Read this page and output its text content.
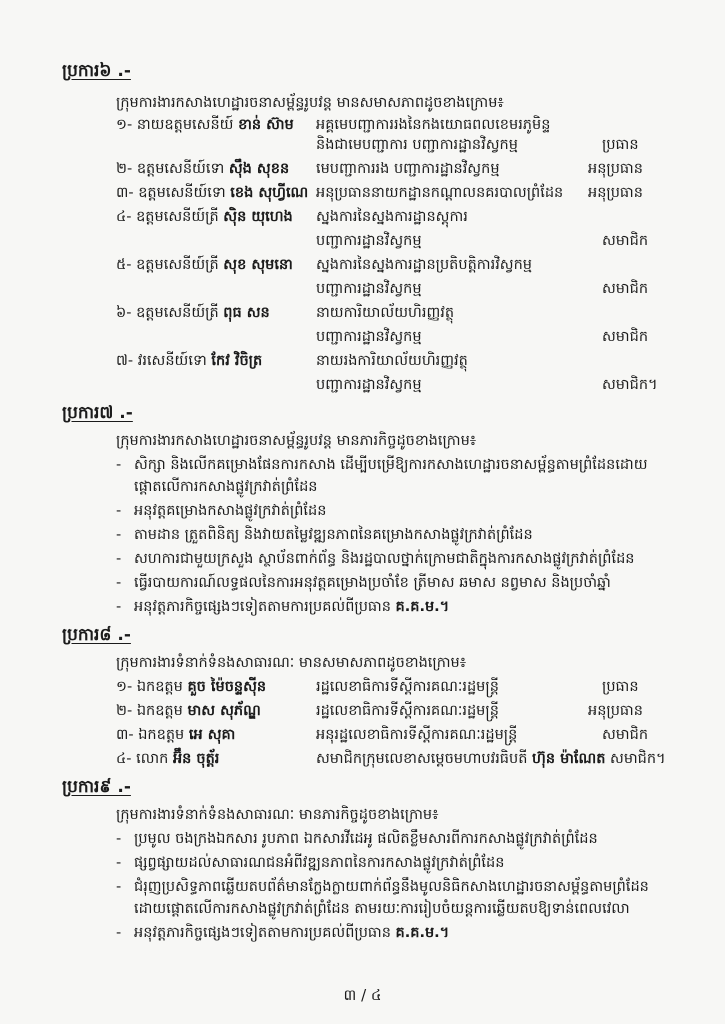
ប្រការ៦ .-
ក្រុមការងារកសាងហេដ្ឋារចនាសម្ព័ន្ធរូបវន្ត មានសមាសភាពដូចខាងក្រោម៖
១- នាយឧត្តមសេនីយ៍ ខាន់ ស៊ាម អគ្គមេបញ្ជាការរងនៃកងយោធពលខេមរភូមិន្ទ
និងជាមេបញ្ជាការ បញ្ជាការដ្ឋានវិស្វកម្ម	ប្រធាន
២- ឧត្តមសេនីយ៍ទោ ស៊ឹង សុខន មេបញ្ជាការរង បញ្ជាការដ្ឋានវិស្វកម្ម	អនុប្រធាន
៣- ឧត្តមសេនីយ៍ទោ ខេង សុហ្វីណេ អនុប្រធាននាយកដ្ឋានកណ្តាលនគរបាលព្រំដែន អនុប្រធាន
៤- ឧត្តមសេនីយ៍ត្រី ស៊ិន យុហេង ស្នងការនៃស្នងការដ្ឋានស្តុការ
បញ្ជាការដ្ឋានវិស្វកម្ម	សមាជិក
៥- ឧត្តមសេនីយ៍ត្រី សុខ សុមនោ ស្នងការនៃស្នងការដ្ឋានប្រតិបត្តិការវិស្វកម្ម
បញ្ជាការដ្ឋានវិស្វកម្ម	សមាជិក
៦- ឧត្តមសេនីយ៍ត្រី ពុធ សន	នាយការិយាល័យហិរញ្ញវត្ថុ
បញ្ជាការដ្ឋានវិស្វកម្ម	សមាជិក
៧- វរសេនីយ៍ទោ កែវ វិចិត្រ	នាយរងការិយាល័យហិរញ្ញវត្ថុ
បញ្ជាការដ្ឋានវិស្វកម្ម	សមាជិក។
ប្រការ៧ .-
ក្រុមការងារកសាងហេដ្ឋារចនាសម្ព័ន្ធរូបវន្ត មានភារកិច្ចដូចខាងក្រោម៖
- សិក្សា និងលើកគម្រោងផែនការកសាង ដើម្បីបម្រើឱ្យការកសាងហេដ្ឋារចនាសម្ព័ន្ធតាមព្រំដែនដោយ
ផ្តោតលើការកសាងផ្លូវក្រវាត់ព្រំដែន
- អនុវត្តគម្រោងកសាងផ្លូវក្រវាត់ព្រំដែន
- តាមដាន ត្រួតពិនិត្យ និងវាយតម្លៃវឌ្ឍនភាពនៃគម្រោងកសាងផ្លូវក្រវាត់ព្រំដែន
- សហការជាមួយក្រសួង ស្ថាប័នពាក់ព័ន្ធ និងរដ្ឋបាលថ្នាក់ក្រោមជាតិក្នុងការកសាងផ្លូវក្រវាត់ព្រំដែន
- ធ្វើរបាយការណ៍លទ្ធផលនៃការអនុវត្តគម្រោងប្រចាំខែ ត្រីមាស ឆមាស នព្វមាស និងប្រចាំឆ្នាំ
- អនុវត្តភារកិច្ចផ្សេងៗទៀតតាមការប្រគល់ពីប្រធាន គ.គ.ម.។
ប្រការ៨ .-
ក្រុមការងារទំនាក់ទំនងសាធារណៈ មានសមាសភាពដូចខាងក្រោម៖
១- ឯកឧត្តម គួច ម៉ៃចន្ទស៊ីន	រដ្ឋលេខាធិការទីស្តីការគណៈរដ្ឋមន្ត្រី	ប្រធាន
២- ឯកឧត្តម មាស សុភ័ណ្ឌ	រដ្ឋលេខាធិការទីស្តីការគណៈរដ្ឋមន្ត្រី	អនុប្រធាន
៣- ឯកឧត្តម អេ សុគា	អនុរដ្ឋលេខាធិការទីស្តីការគណៈរដ្ឋមន្ត្រី	សមាជិក
៤- លោក អ៊ឹន ចុត្ត័រ	សមាជិកក្រុមលេខាសម្តេចមហាបវរធិបតី ហ៊ុន ម៉ាណែត សមាជិក។
ប្រការ៩ .-
ក្រុមការងារទំនាក់ទំនងសាធារណៈ មានភារកិច្ចដូចខាងក្រោម៖
- ប្រមូល ចងក្រងឯកសារ រូបភាព ឯកសារវីដេអូ ផលិតខ្លឹមសារពីការកសាងផ្លូវក្រវាត់ព្រំដែន
- ផ្សព្វផ្សាយដល់សាធារណជនអំពីវឌ្ឍនភាពនៃការកសាងផ្លូវក្រវាត់ព្រំដែន
- ជំរុញប្រសិទ្ធភាពឆ្លើយតបព័ត៌មានក្លែងក្លាយពាក់ព័ន្ធនឹងមូលនិធិកសាងហេដ្ឋារចនាសម្ព័ន្ធតាមព្រំដែន
ដោយផ្តោតលើការកសាងផ្លូវក្រវាត់ព្រំដែន តាមរយៈការរៀបចំយន្តការឆ្លើយតបឱ្យទាន់ពេលវេលា
- អនុវត្តភារកិច្ចផ្សេងៗទៀតតាមការប្រគល់ពីប្រធាន គ.គ.ម.។
៣ / ៤
